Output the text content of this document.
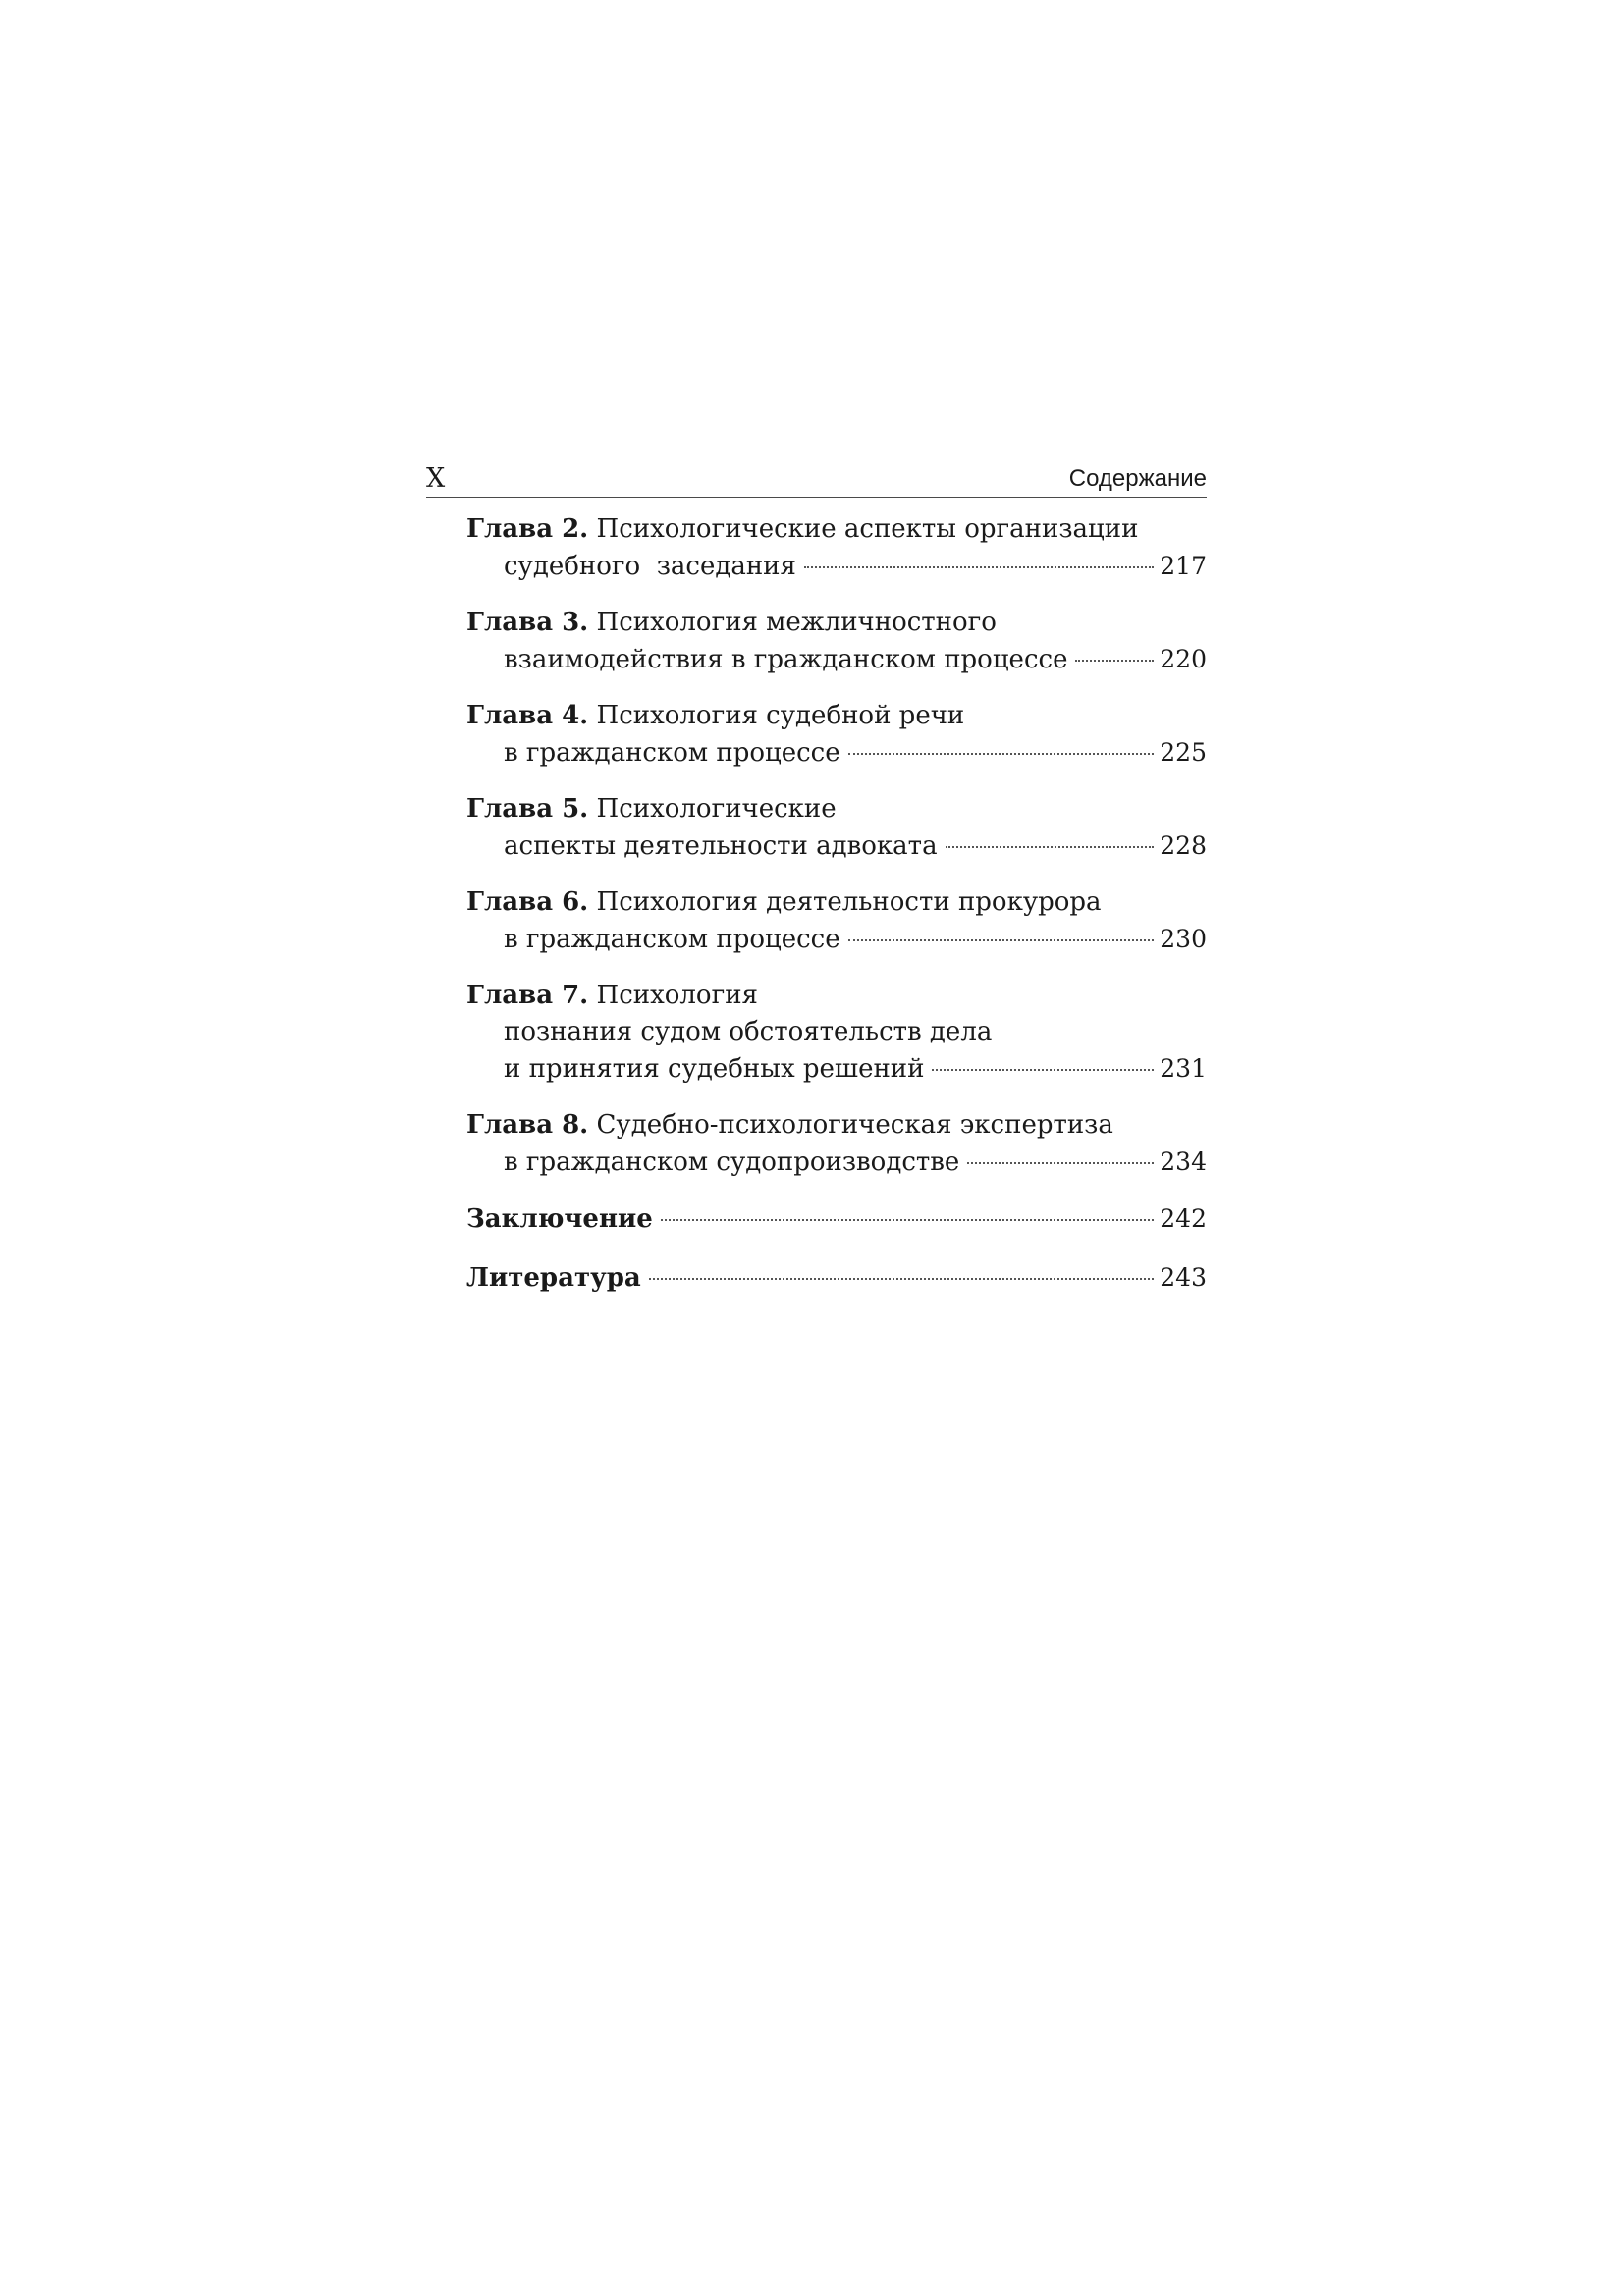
X	Содержание
Глава 2. Психологические аспекты организации
судебного  заседания	217
Глава 3. Психология межличностного
взаимодействия в гражданском процессе	220
Глава 4. Психология судебной речи
в гражданском процессе	225
Глава 5. Психологические
аспекты деятельности адвоката	228
Глава 6. Психология деятельности прокурора
в гражданском процессе	230
Глава 7. Психология
познания судом обстоятельств дела
и принятия судебных решений	231
Глава 8. Судебно-психологическая экспертиза
в гражданском судопроизводстве	234
Заключение	242
Литература	243
